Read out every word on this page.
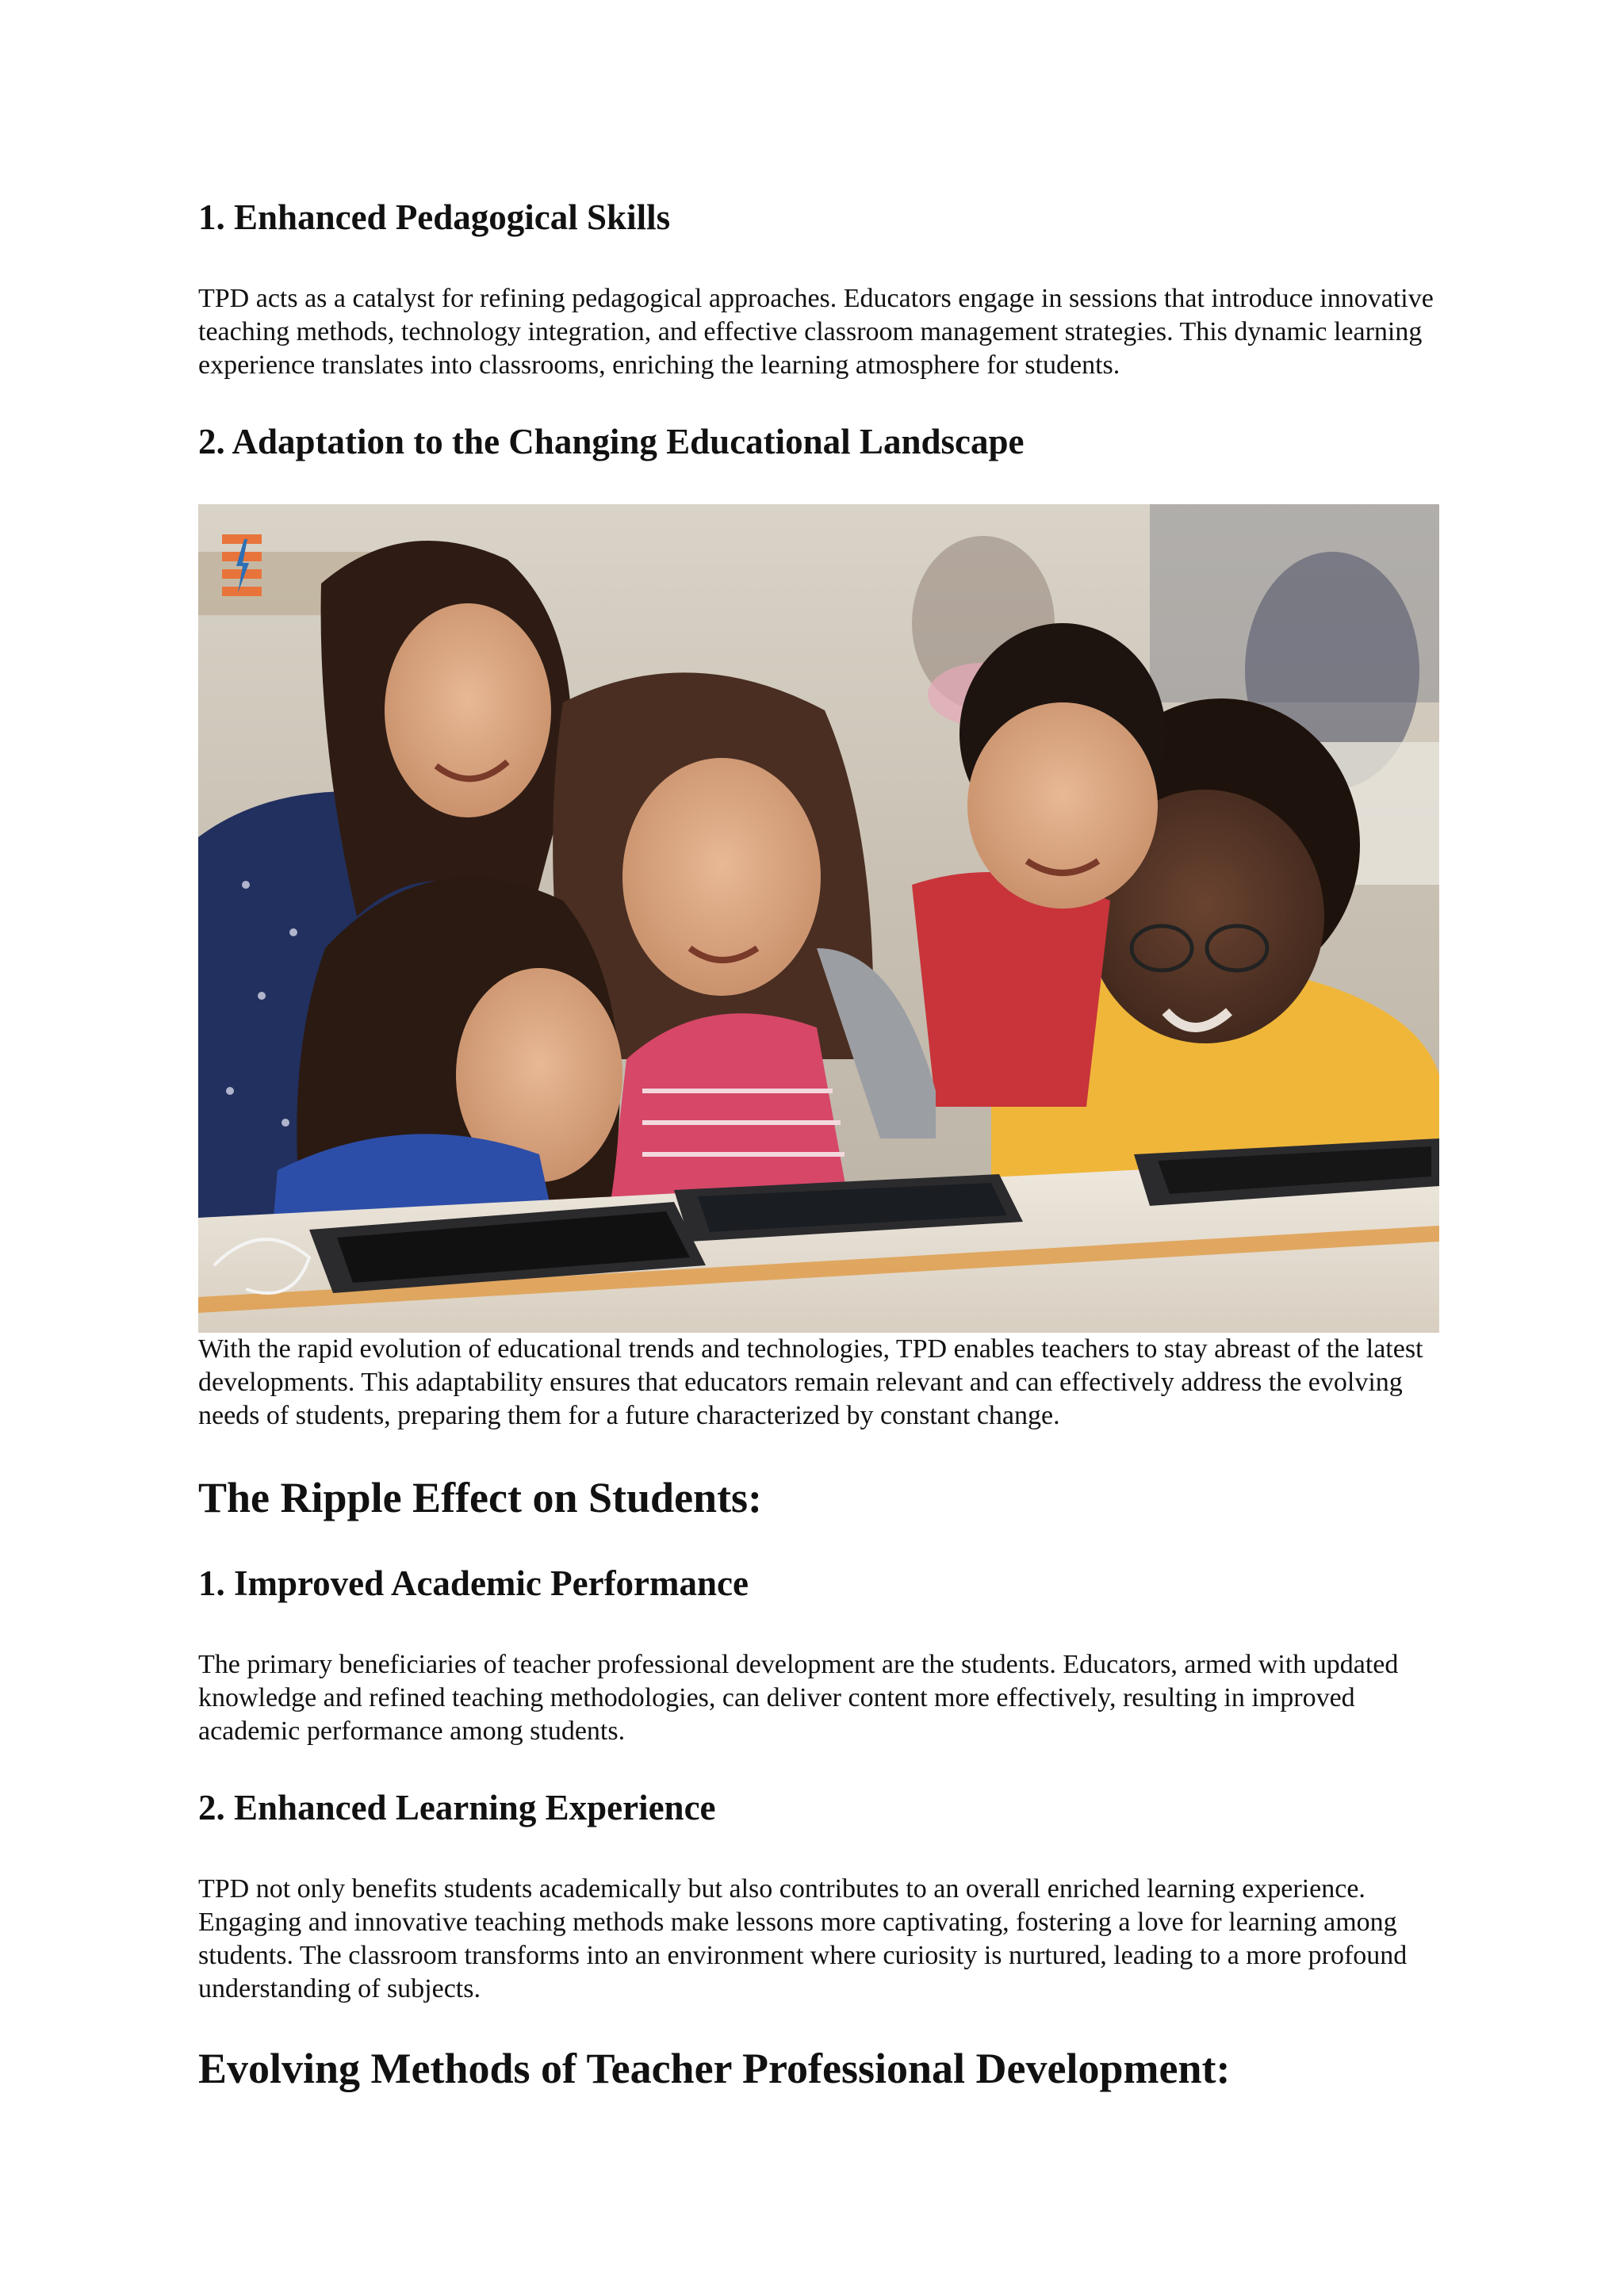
1. Enhanced Pedagogical Skills

TPD acts as a catalyst for refining pedagogical approaches. Educators engage in sessions that introduce innovative teaching methods, technology integration, and effective classroom management strategies. This dynamic learning experience translates into classrooms, enriching the learning atmosphere for students.

2. Adaptation to the Changing Educational Landscape

With the rapid evolution of educational trends and technologies, TPD enables teachers to stay abreast of the latest developments. This adaptability ensures that educators remain relevant and can effectively address the evolving needs of students, preparing them for a future characterized by constant change.

The Ripple Effect on Students:
1. Improved Academic Performance

The primary beneficiaries of teacher professional development are the students. Educators, armed with updated knowledge and refined teaching methodologies, can deliver content more effectively, resulting in improved academic performance among students.

2. Enhanced Learning Experience

TPD not only benefits students academically but also contributes to an overall enriched learning experience. Engaging and innovative teaching methods make lessons more captivating, fostering a love for learning among students. The classroom transforms into an environment where curiosity is nurtured, leading to a more profound understanding of subjects.

Evolving Methods of Teacher Professional Development:
